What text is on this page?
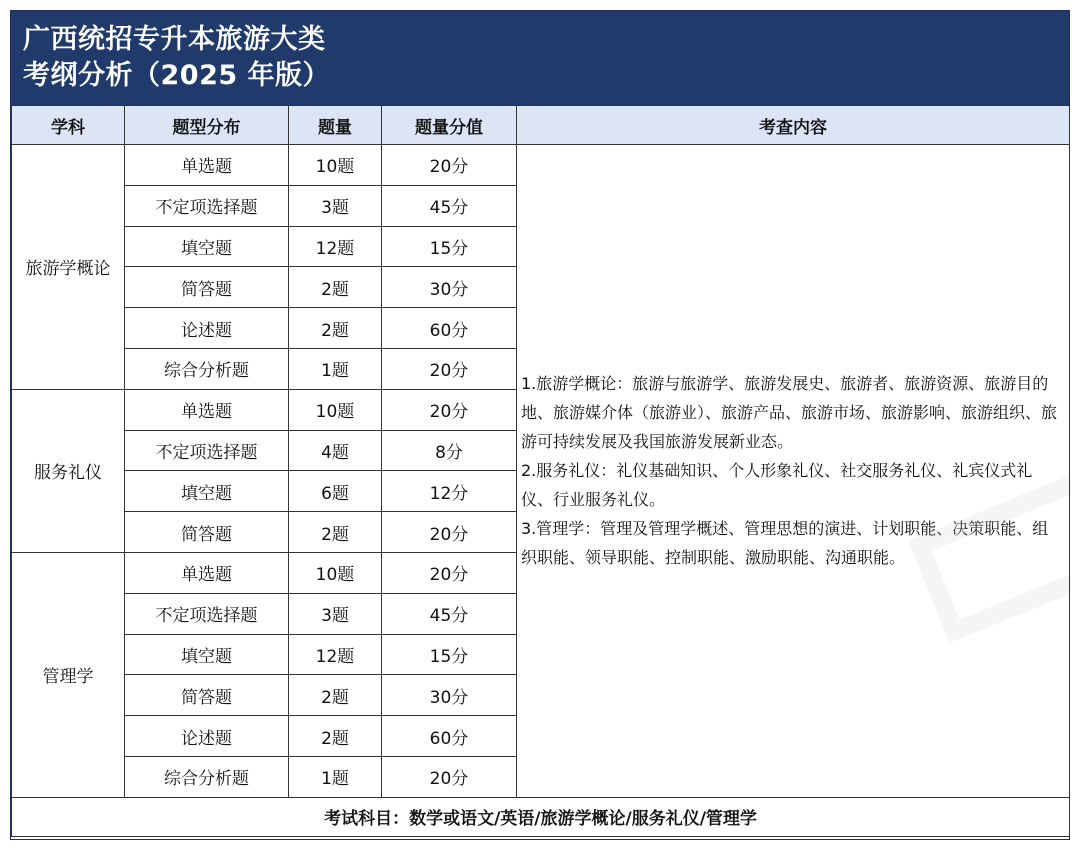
广西统招专升本旅游大类
考纲分析（2025 年版）
学科	题型分布	题量	题量分值	考查内容
旅游学概论	单选题	10题	20分	1.旅游学概论：旅游与旅游学、旅游发展史、旅游者、旅游资源、旅游目的地、旅游媒介体（旅游业）、旅游产品、旅游市场、旅游影响、旅游组织、旅游可持续发展及我国旅游发展新业态。
2.服务礼仪：礼仪基础知识、个人形象礼仪、社交服务礼仪、礼宾仪式礼仪、行业服务礼仪。
3.管理学：管理及管理学概述、管理思想的演进、计划职能、决策职能、组织职能、领导职能、控制职能、激励职能、沟通职能。

	不定项选择题	3题	45分	
	填空题	12题	15分	
	简答题	2题	30分	
	论述题	2题	60分	
	综合分析题	1题	20分	
服务礼仪	单选题	10题	20分	
	不定项选择题	4题	8分	
	填空题	6题	12分	
	简答题	2题	20分	
管理学	单选题	10题	20分	
	不定项选择题	3题	45分	
	填空题	12题	15分	
	简答题	2题	30分	
	论述题	2题	60分	
	综合分析题	1题	20分	
考试科目：数学或语文/英语/旅游学概论/服务礼仪/管理学				
